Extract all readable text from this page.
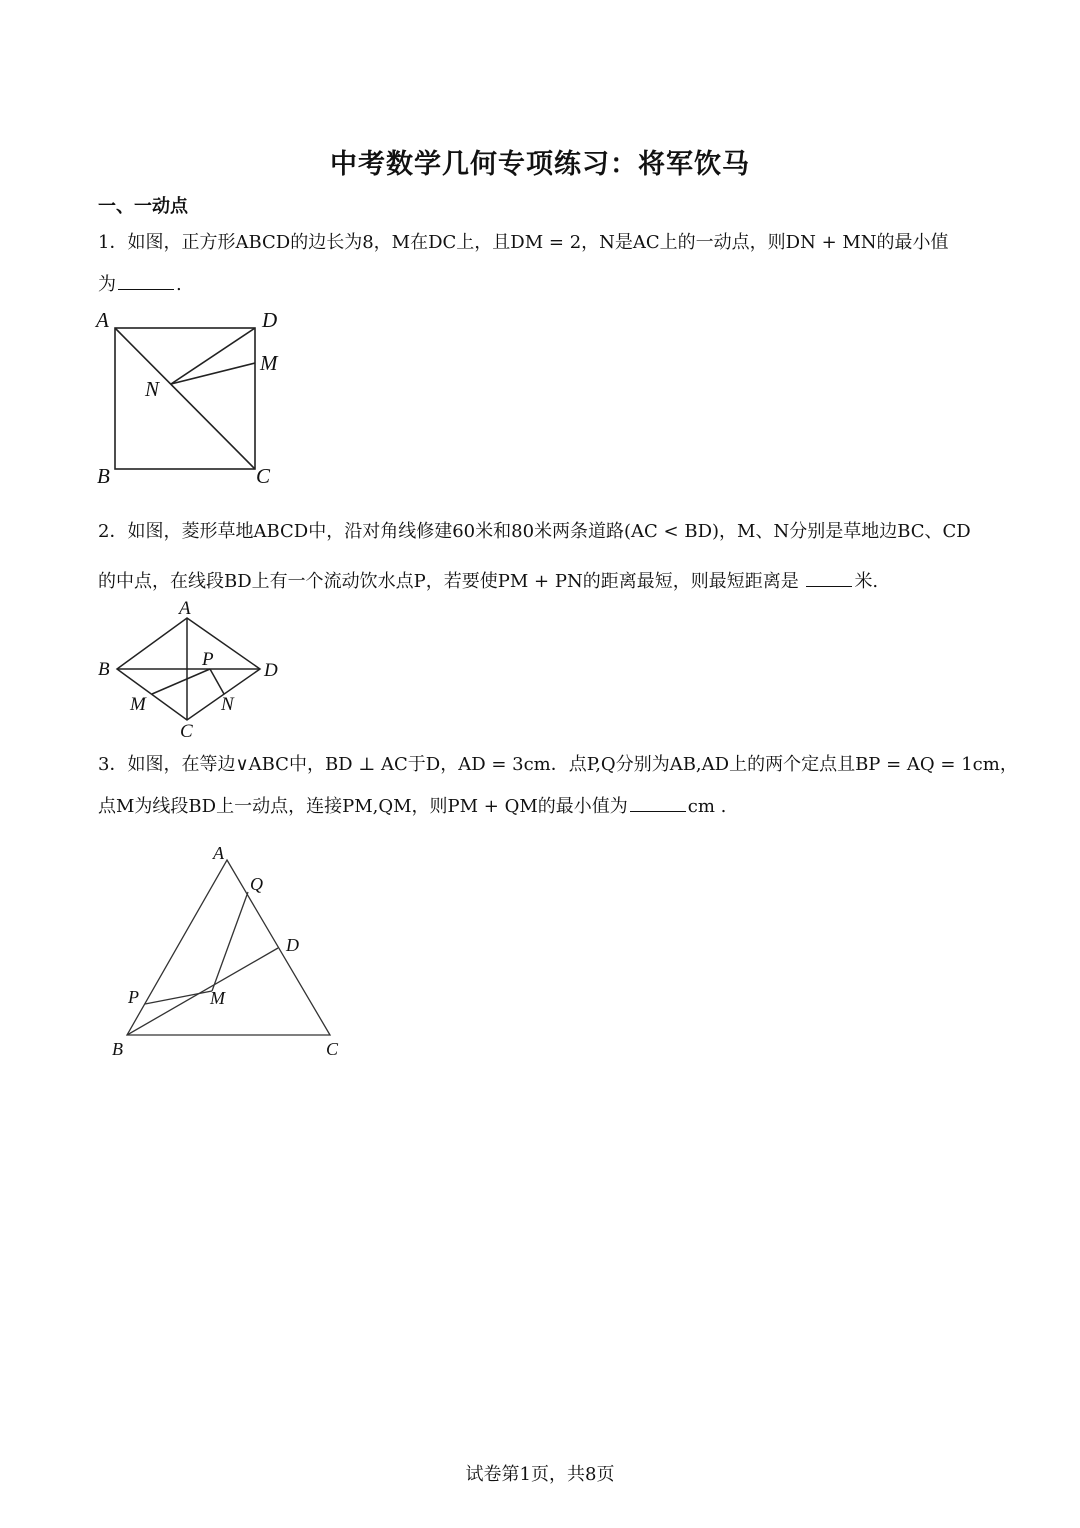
中考数学几何专项练习：将军饮马
一、一动点
1．如图，正方形ABCD的边长为8，M在DC上，且DM = 2，N是AC上的一动点，则DN + MN的最小值
为	.
A	D
M
N
B	C
2．如图，菱形草地ABCD中，沿对角线修建60米和80米两条道路(AC < BD)，M、N分别是草地边BC、CD
的中点，在线段BD上有一个流动饮水点P，若要使PM + PN的距离最短，则最短距离是	米.
A
B	P
D
M	N
C
3．如图，在等边∨ABC中，BD ⊥ AC于D，AD = 3cm．点P,Q分别为AB,AD上的两个定点且BP = AQ = 1cm，
点M为线段BD上一动点，连接PM,QM，则PM + QM的最小值为	cm .
A
Q
D
P	M
B	C
试卷第1页，共8页
